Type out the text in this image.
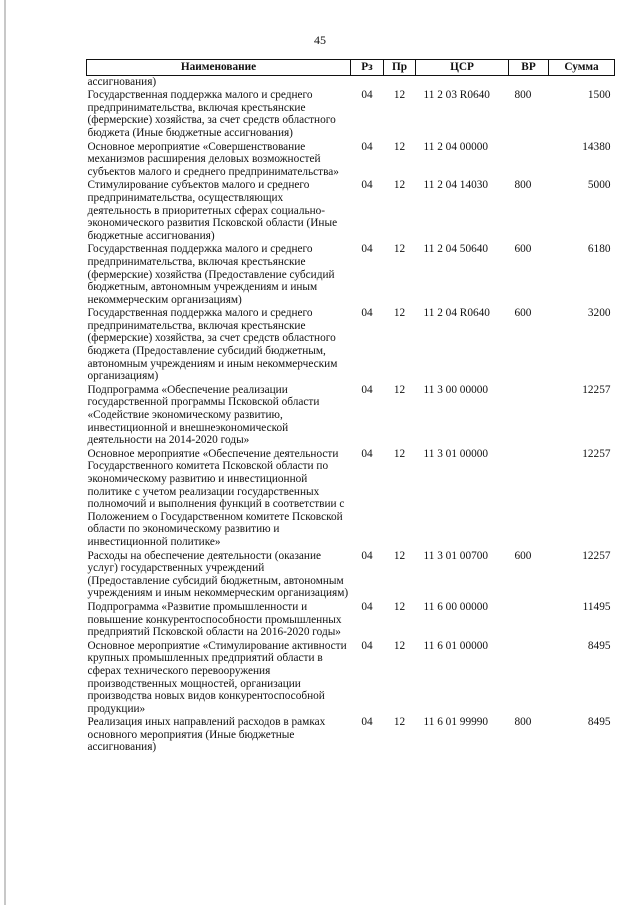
45
Наименование	Рз	Пр	ЦСР	ВР	Сумма
ассигнования)					
Государственная поддержка малого и среднего предпринимательства, включая крестьянские (фермерские) хозяйства, за счет средств областного бюджета (Иные бюджетные ассигнования)	04	12	11 2 03 R0640	800	1500
Основное мероприятие «Совершенствование механизмов расширения деловых возможностей субъектов малого и среднего предпринимательства»	04	12	11 2 04 00000		14380
Стимулирование субъектов малого и среднего предпринимательства, осуществляющих деятельность в приоритетных сферах социально-экономического развития Псковской области (Иные бюджетные ассигнования)	04	12	11 2 04 14030	800	5000
Государственная поддержка малого и среднего предпринимательства, включая крестьянские (фермерские) хозяйства (Предоставление субсидий бюджетным, автономным учреждениям и иным некоммерческим организациям)	04	12	11 2 04 50640	600	6180
Государственная поддержка малого и среднего предпринимательства, включая крестьянские (фермерские) хозяйства, за счет средств областного бюджета (Предоставление субсидий бюджетным, автономным учреждениям и иным некоммерческим организациям)	04	12	11 2 04 R0640	600	3200
Подпрограмма «Обеспечение реализации государственной программы Псковской области «Содействие экономическому развитию, инвестиционной и внешнеэкономической деятельности на 2014-2020 годы»	04	12	11 3 00 00000		12257
Основное мероприятие «Обеспечение деятельности Государственного комитета Псковской области по экономическому развитию и инвестиционной политике с учетом реализации государственных полномочий и выполнения функций в соответствии с Положением о Государственном комитете Псковской области по экономическому развитию и инвестиционной политике»	04	12	11 3 01 00000		12257
Расходы на обеспечение деятельности (оказание услуг) государственных учреждений (Предоставление субсидий бюджетным, автономным учреждениям и иным некоммерческим организациям)	04	12	11 3 01 00700	600	12257
Подпрограмма «Развитие промышленности и повышение конкурентоспособности промышленных предприятий Псковской области на 2016-2020 годы»	04	12	11 6 00 00000		11495
Основное мероприятие «Стимулирование активности крупных промышленных предприятий области в сферах технического перевооружения производственных мощностей, организации производства новых видов конкурентоспособной продукции»	04	12	11 6 01 00000		8495
Реализация иных направлений расходов в рамках основного мероприятия (Иные бюджетные ассигнования)	04	12	11 6 01 99990	800	8495
